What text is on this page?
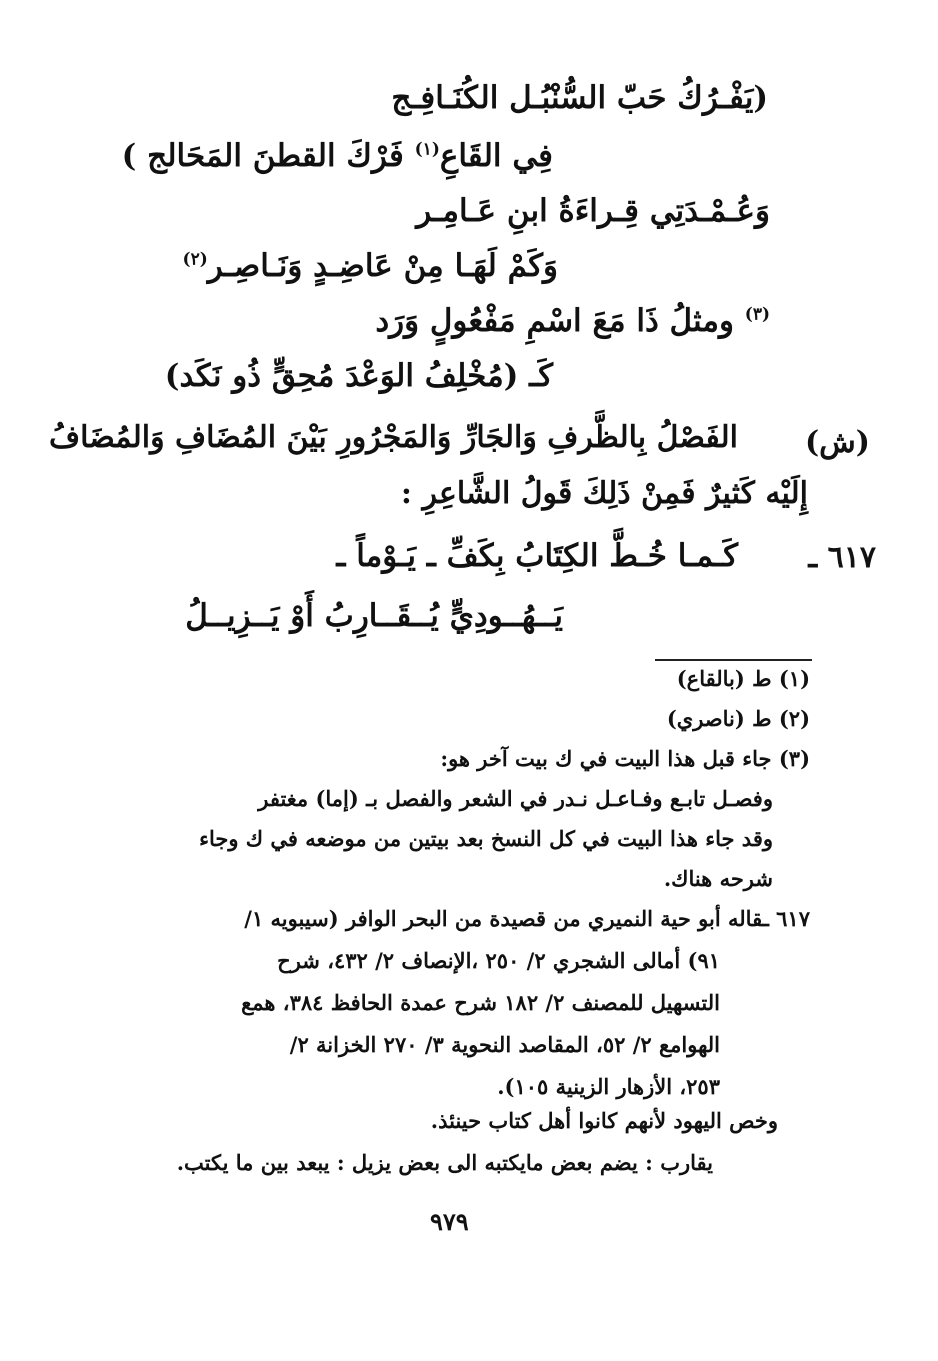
(يَفْـرُكُ حَبّ السُّنْبُـل الكُنَـافِـج
فِي القَاعِ$^{(١)}$ فَرْكَ القطنَ المَحَالج )
وَعُـمْـدَتِي قِـراءَةُ ابنِ عَـامِـر
وَكَمْ لَهَـا مِنْ عَاضِـدٍ وَنَـاصِـر$^{(٢)}$
$^{(٣)}$ ومثلُ ذَا مَعَ اسْمِ مَفْعُولٍ وَرَد
كَـ (مُخْلِفُ الوَعْدَ مُحِقٍّ ذُو نَكَد)
(ش)
الفَصْلُ بِالظَّرفِ وَالجَارِّ وَالمَجْرُورِ بَيْنَ المُضَافِ وَالمُضَافُ
إِلَيْه كَثيرٌ فَمِنْ ذَلِكَ قَولُ الشَّاعِرِ :
٦١٧ ـ
كَـمـا خُـطَّ الكِتَابُ بِكَفِّ ـ يَـوْماً ـ
يَــهُــودِيٍّ يُــقَــارِبُ أَوْ يَــزِيــلُ
(١) ط (بالقاع)
(٢) ط (ناصري)
(٣) جاء قبل هذا البيت في ك بيت آخر هو:
وفصـل تابـع وفـاعـل نـدر في الشعر والفصل بـ (إما) مغتفر
وقد جاء هذا البيت في كل النسخ بعد بيتين من موضعه في ك وجاء
شرحه هناك.
٦١٧ ـقاله أبو حية النميري من قصيدة من البحر الوافر (سيبويه ١/
٩١) أمالى الشجري ٢/ ٢٥٠ ،الإنصاف ٢/ ٤٣٢، شرح
التسهيل للمصنف ٢/ ١٨٢ شرح عمدة الحافظ ٣٨٤، همع
الهوامع ٢/ ٥٢، المقاصد النحوية ٣/ ٢٧٠ الخزانة ٢/
٢٥٣، الأزهار الزينية ١٠٥).
وخص اليهود لأنهم كانوا أهل كتاب حينئذ.
يقارب : يضم بعض مايكتبه الى بعض يزيل : يبعد بين ما يكتب.
٩٧٩
